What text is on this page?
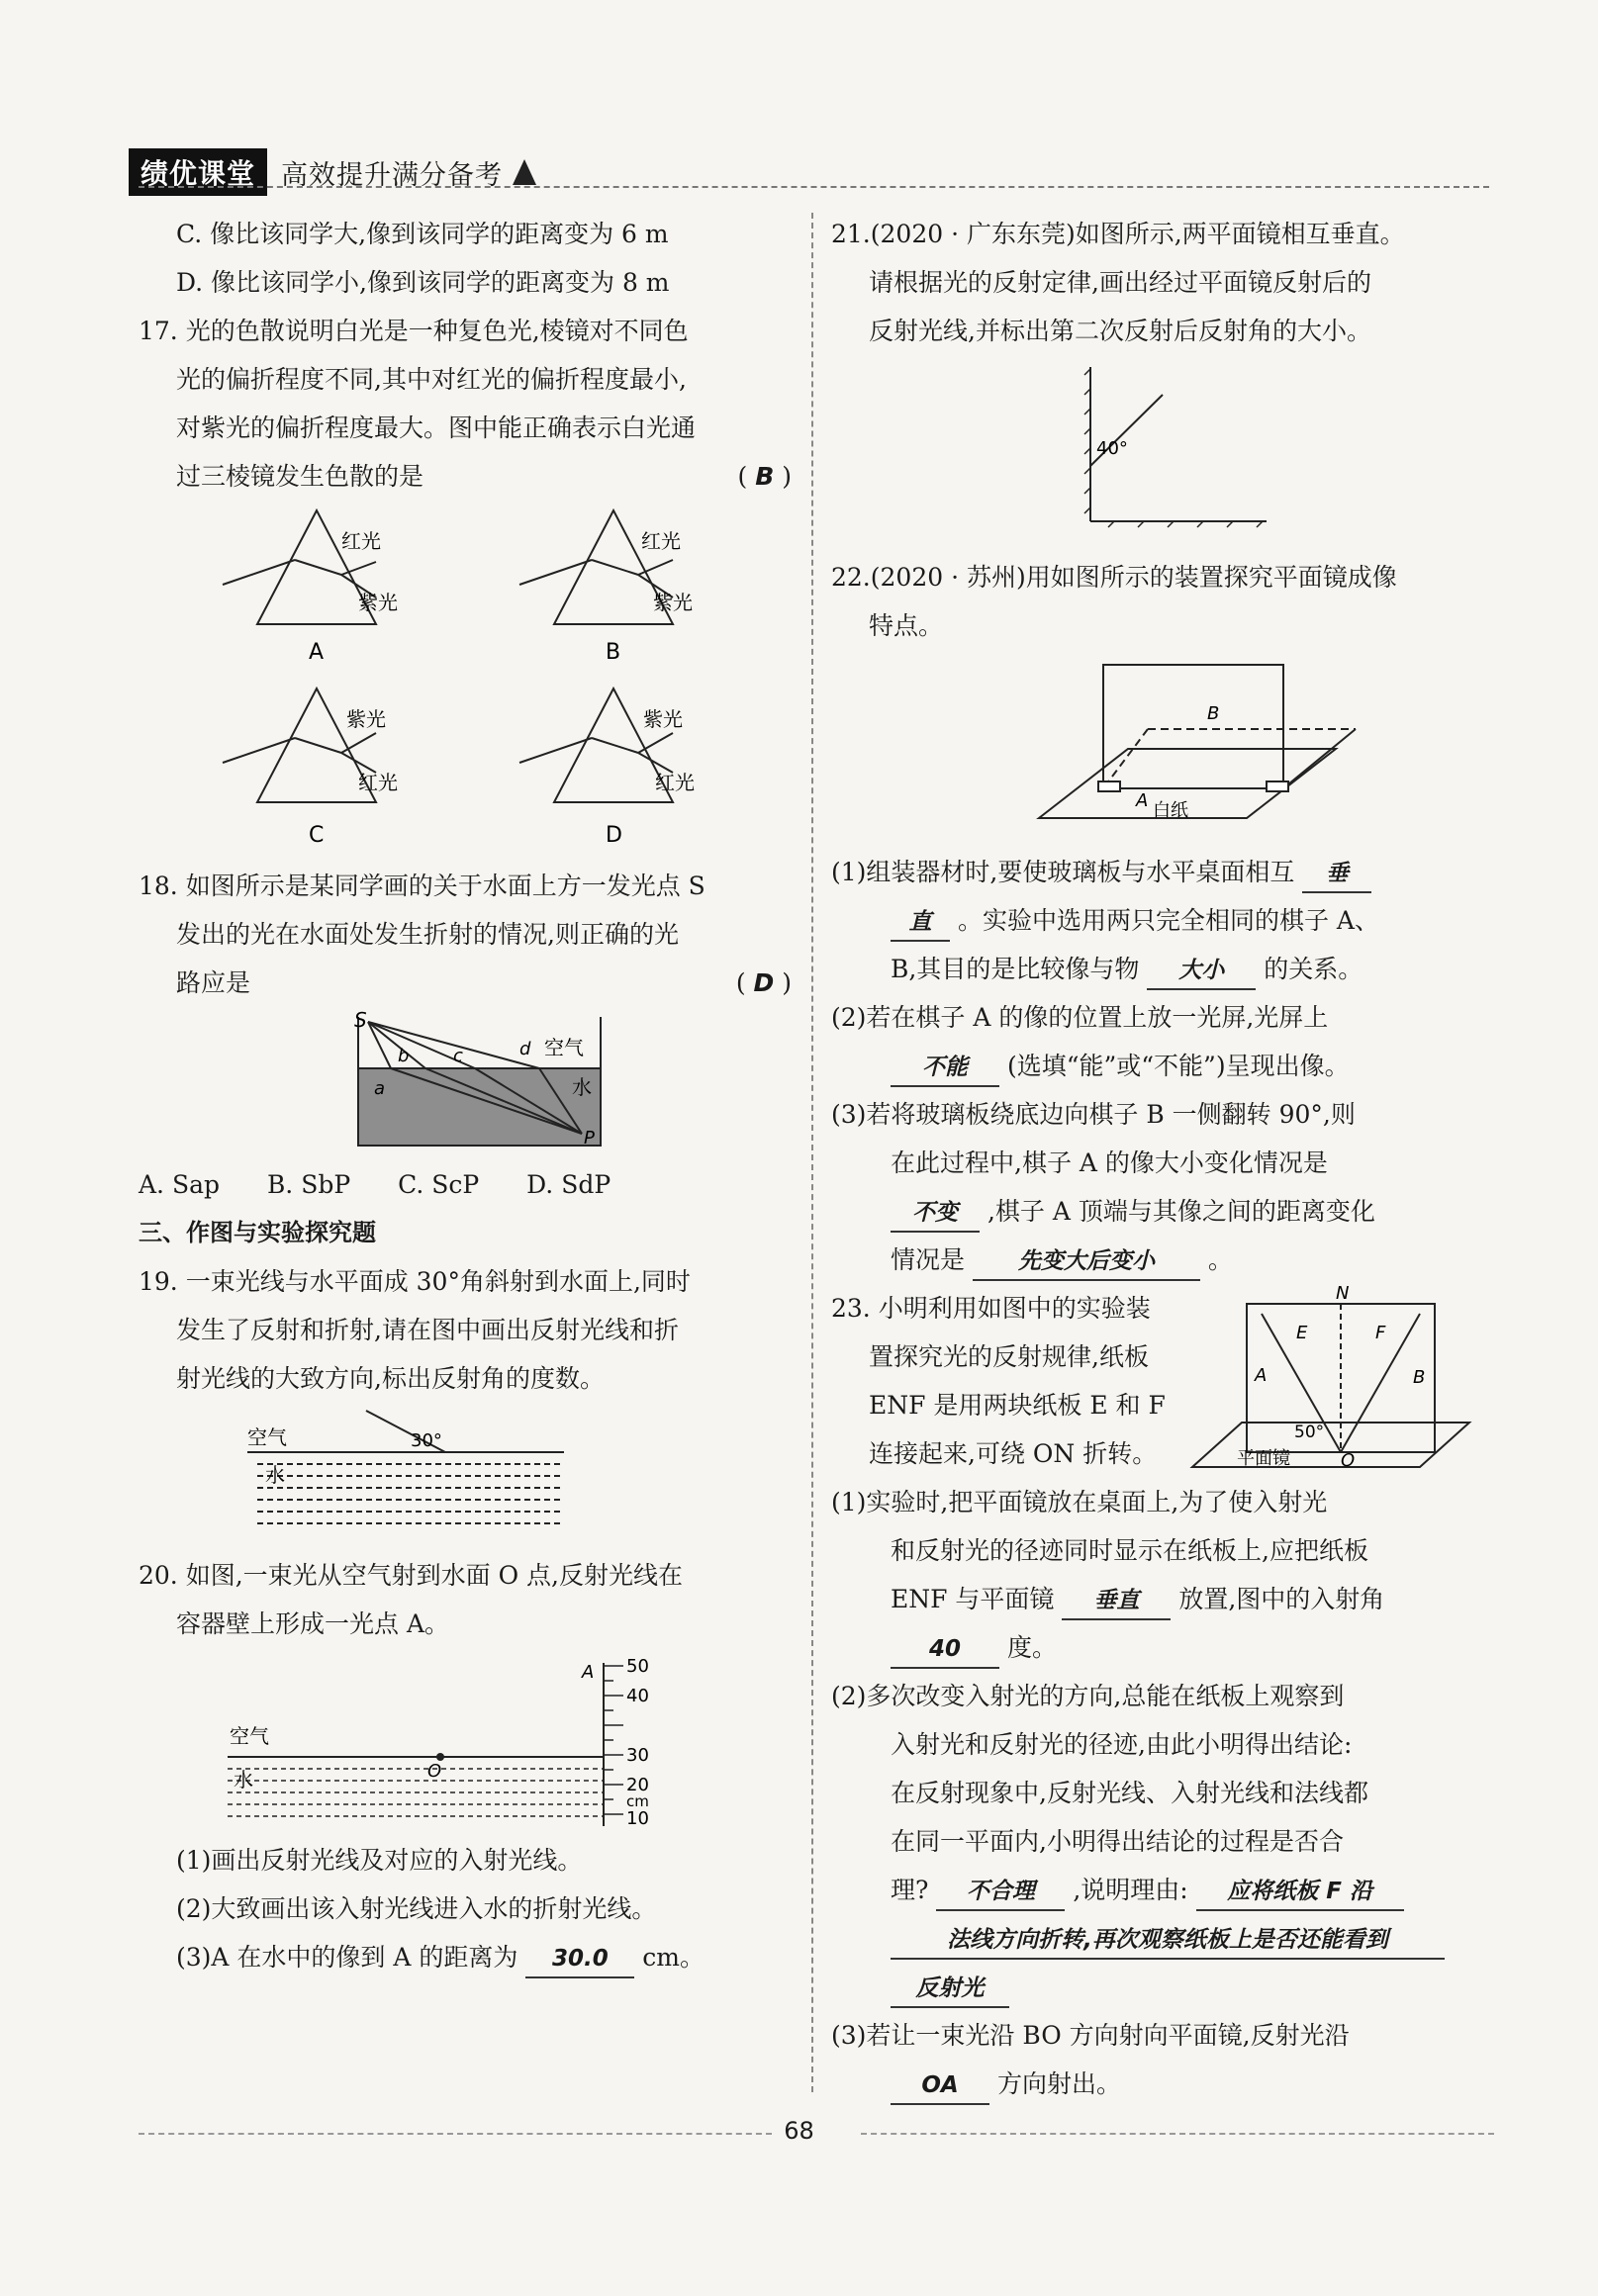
绩优课堂 高效提升满分备考
C. 像比该同学大,像到该同学的距离变为 6 m
D. 像比该同学小,像到该同学的距离变为 8 m
17. 光的色散说明白光是一种复色光,棱镜对不同色
光的偏折程度不同,其中对红光的偏折程度最小,
对紫光的偏折程度最大。图中能正确表示白光通
过三棱镜发生色散的是	( B )
红光
紫光
红光
紫光
紫光
红光
紫光
红光
A	B
C	D
18. 如图所示是某同学画的关于水面上方一发光点 S
发出的光在水面处发生折射的情况,则正确的光
路应是	( D )
S
a
b c	d 空气
水
P
A. Sap B. SbP C. ScP D. SdP
三、作图与实验探究题
19. 一束光线与水平面成 30°角斜射到水面上,同时
发生了反射和折射,请在图中画出反射光线和折
射光线的大致方向,标出反射角的度数。
空气	30°
水
20. 如图,一束光从空气射到水面 O 点,反射光线在
容器壁上形成一光点 A。
A 50
40
30
20
cm
10
空气
O
水
(1)画出反射光线及对应的入射光线。
(2)大致画出该入射光线进入水的折射光线。
(3)A 在水中的像到 A 的距离为 30.0 cm。
21.(2020 · 广东东莞)如图所示,两平面镜相互垂直。
请根据光的反射定律,画出经过平面镜反射后的
反射光线,并标出第二次反射后反射角的大小。
40°
22.(2020 · 苏州)用如图所示的装置探究平面镜成像
特点。
A
B
白纸
(1)组装器材时,要使玻璃板与水平桌面相互 垂
直 。实验中选用两只完全相同的棋子 A、
B,其目的是比较像与物 大小 的关系。
(2)若在棋子 A 的像的位置上放一光屏,光屏上
不能 (选填“能”或“不能”)呈现出像。
(3)若将玻璃板绕底边向棋子 B 一侧翻转 90°,则
在此过程中,棋子 A 的像大小变化情况是
不变 ,棋子 A 顶端与其像之间的距离变化
情况是 先变大后变小 。
N
E	F
A	B
50°
平面镜	O
23. 小明利用如图中的实验装
置探究光的反射规律,纸板
ENF 是用两块纸板 E 和 F
连接起来,可绕 ON 折转。
(1)实验时,把平面镜放在桌面上,为了使入射光
和反射光的径迹同时显示在纸板上,应把纸板
ENF 与平面镜 垂直 放置,图中的入射角
40 度。
(2)多次改变入射光的方向,总能在纸板上观察到
入射光和反射光的径迹,由此小明得出结论:
在反射现象中,反射光线、入射光线和法线都
在同一平面内,小明得出结论的过程是否合
理? 不合理 ,说明理由: 应将纸板 F 沿
法线方向折转,再次观察纸板上是否还能看到
反射光
(3)若让一束光沿 BO 方向射向平面镜,反射光沿
OA 方向射出。
68
